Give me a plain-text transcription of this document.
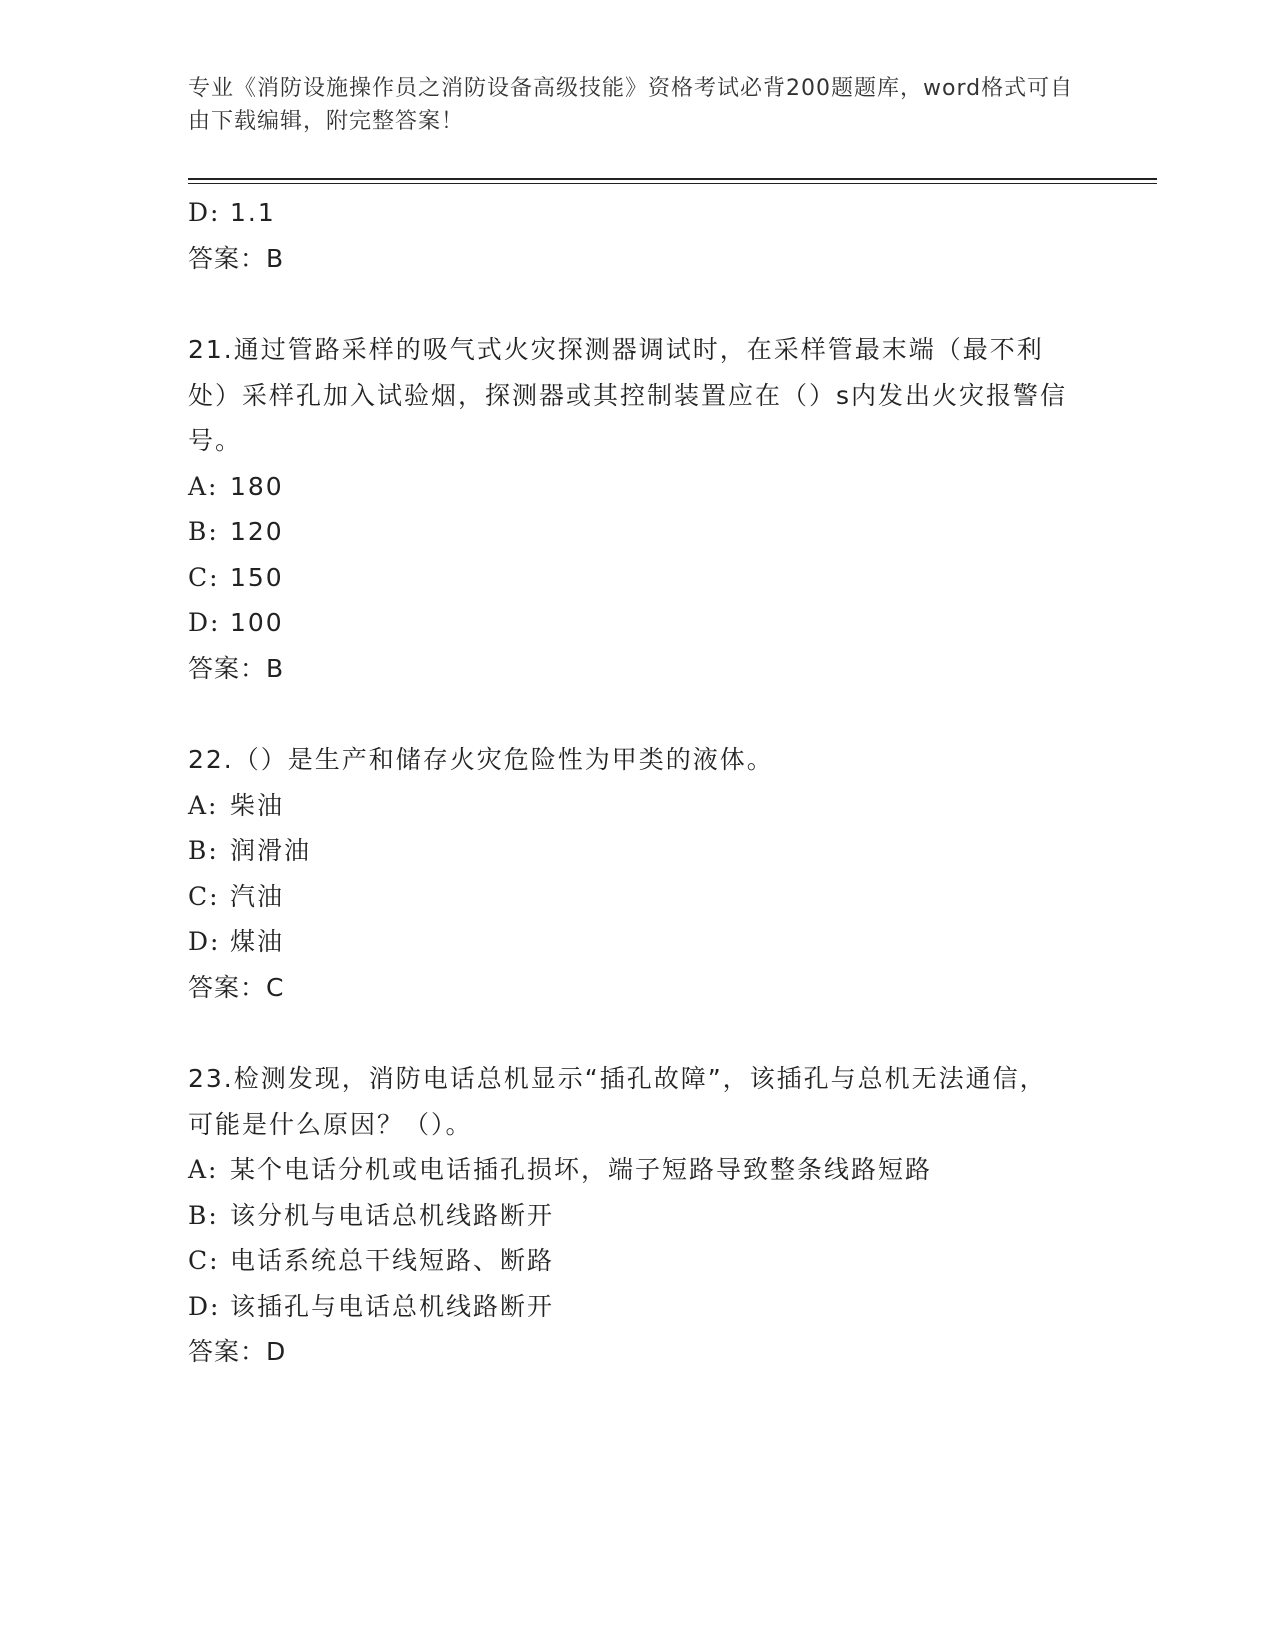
专业《消防设施操作员之消防设备高级技能》资格考试必背200题题库，word格式可自由下载编辑，附完整答案！
D: 1.1
答案：B
21.通过管路采样的吸气式火灾探测器调试时，在采样管最末端（最不利处）采样孔加入试验烟，探测器或其控制装置应在（）s内发出火灾报警信号。
A: 180
B: 120
C: 150
D: 100
答案：B
22.（）是生产和储存火灾危险性为甲类的液体。
A: 柴油
B: 润滑油
C: 汽油
D: 煤油
答案：C
23.检测发现，消防电话总机显示“插孔故障”，该插孔与总机无法通信，可能是什么原因？（）。
A: 某个电话分机或电话插孔损坏，端子短路导致整条线路短路
B: 该分机与电话总机线路断开
C: 电话系统总干线短路、断路
D: 该插孔与电话总机线路断开
答案：D
